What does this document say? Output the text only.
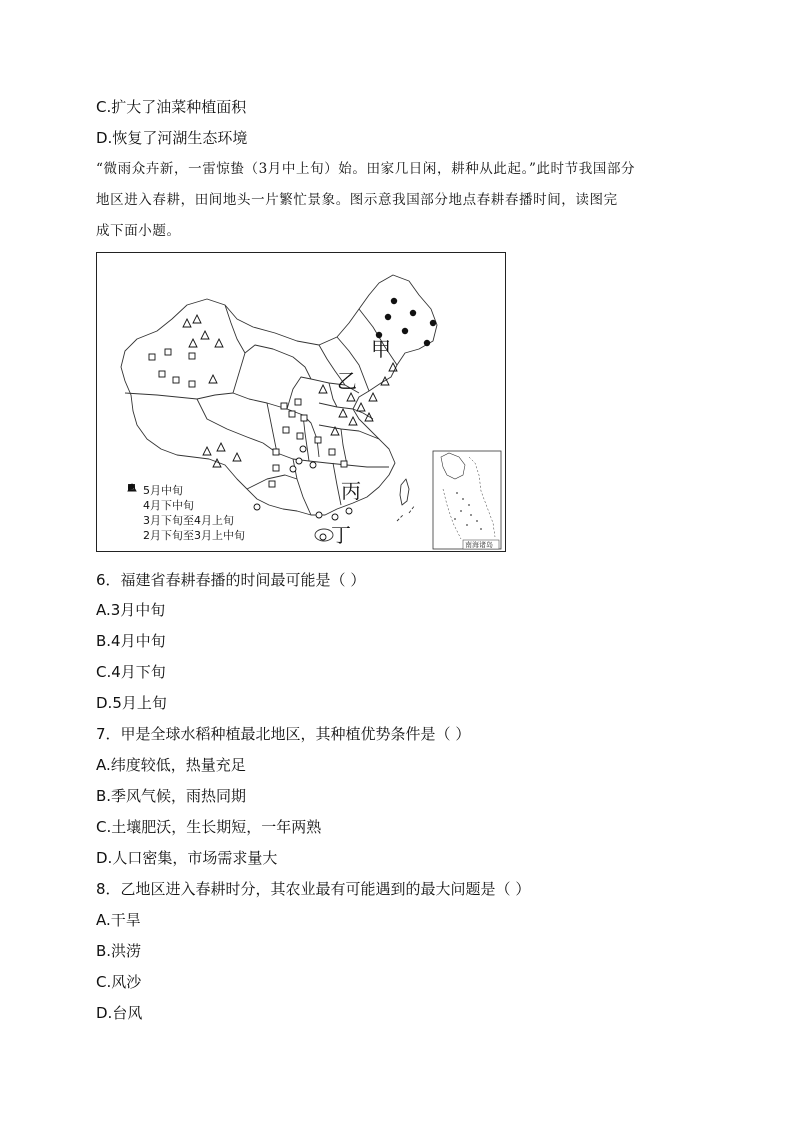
C.扩大了油菜种植面积
D.恢复了河湖生态环境
“微雨众卉新，一雷惊蛰（3月中上旬）始。田家几日闲，耕种从此起。”此时节我国部分
地区进入春耕，田间地头一片繁忙景象。图示意我国部分地点春耕春播时间，读图完
成下面小题。
甲
乙
丙
丁	南海诸岛
5月中旬
4月下中旬
3月下旬至4月上旬
2月下旬至3月上中旬
6．福建省春耕春播的时间最可能是（ ）
A.3月中旬
B.4月中旬
C.4月下旬
D.5月上旬
7．甲是全球水稻种植最北地区，其种植优势条件是（ ）
A.纬度较低，热量充足
B.季风气候，雨热同期
C.土壤肥沃，生长期短，一年两熟
D.人口密集，市场需求量大
8．乙地区进入春耕时分，其农业最有可能遇到的最大问题是（ ）
A.干旱
B.洪涝
C.风沙
D.台风
